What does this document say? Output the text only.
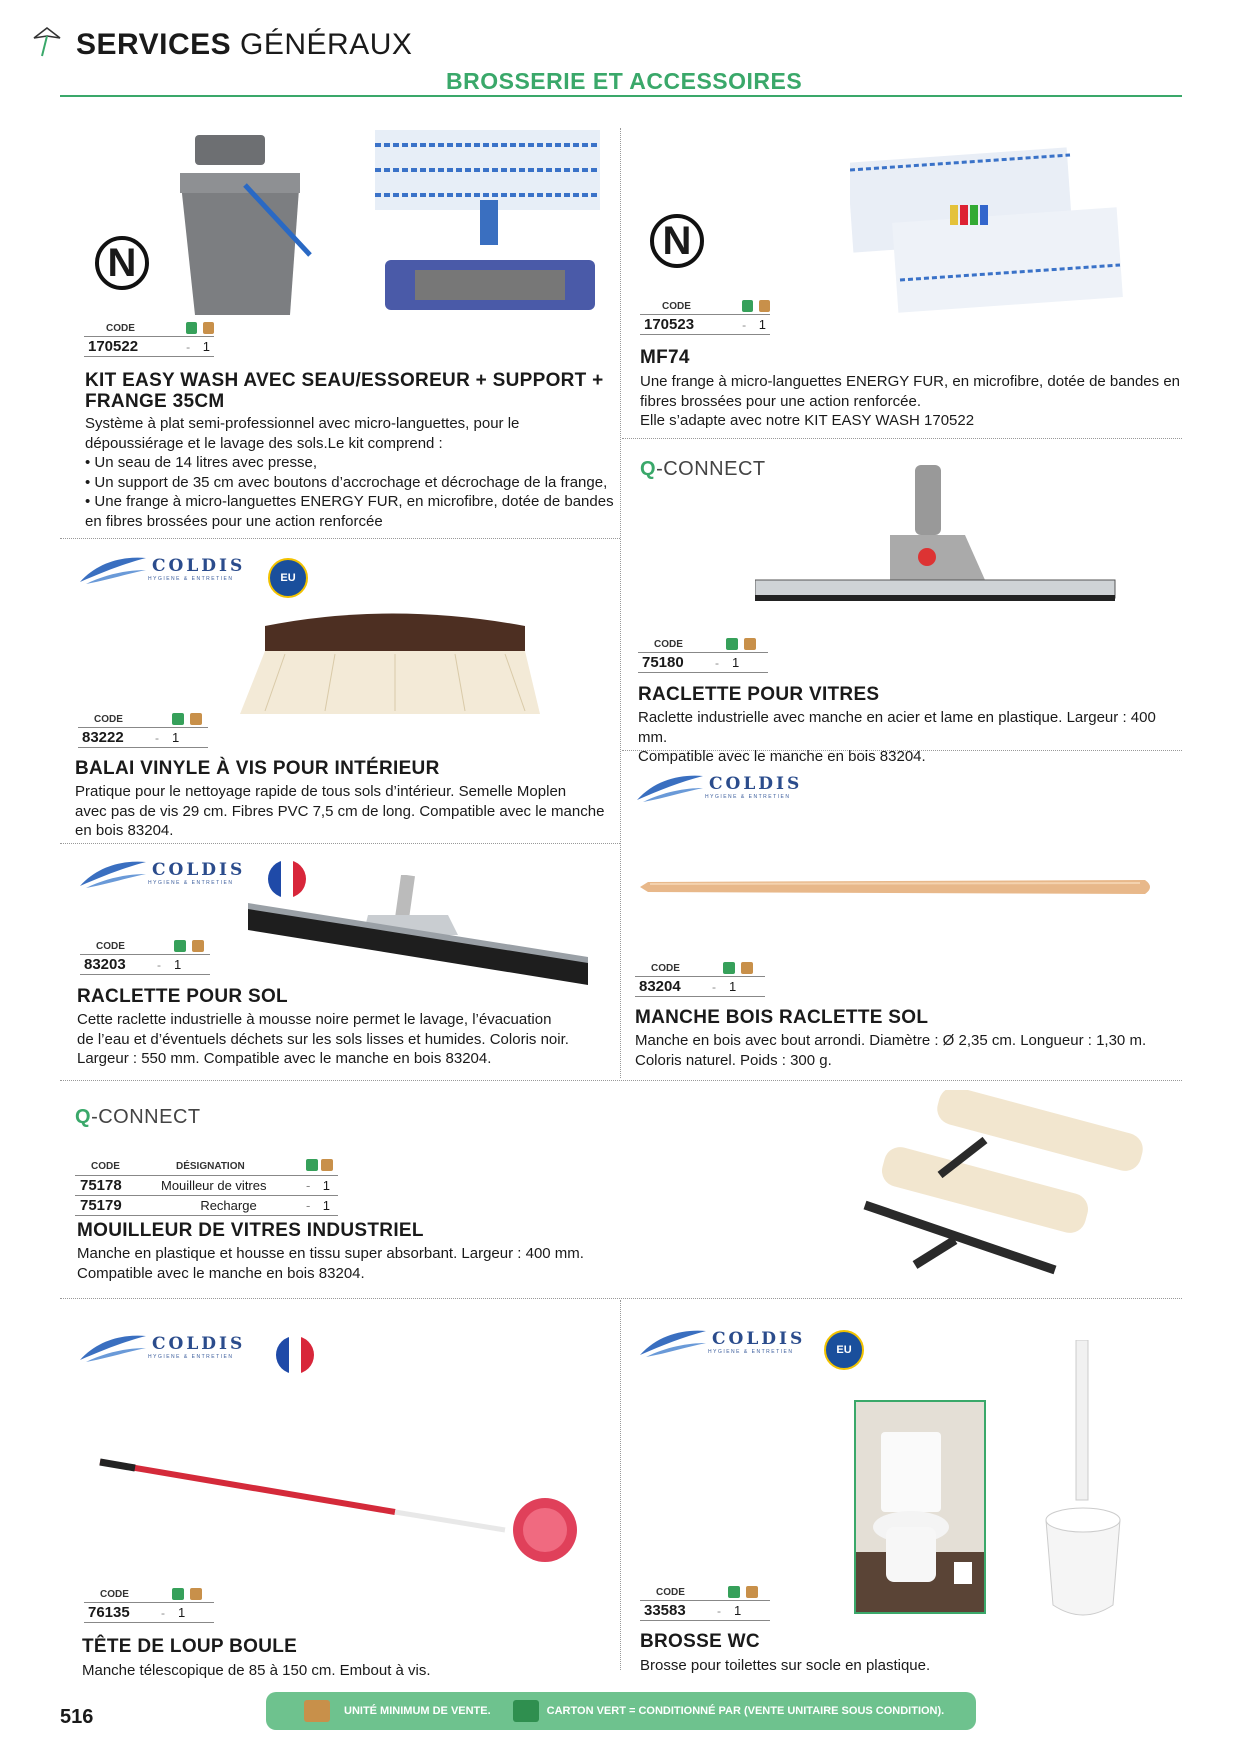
SERVICES GÉNÉRAUX
BROSSERIE ET ACCESSOIRES
N
CODE
170522	- 1
KIT EASY WASH AVEC SEAU/ESSOREUR + SUPPORT + FRANGE 35CM
Système à plat semi-professionnel avec micro-languettes, pour le
dépoussiérage et le lavage des sols.Le kit comprend :
• Un seau de 14 litres avec presse,
• Un support de 35 cm avec boutons d’accrochage et décrochage de la frange,
• Une frange à micro-languettes ENERGY FUR, en microfibre, dotée de bandes
en fibres brossées pour une action renforcée
N
CODE
170523	- 1
MF74
Une frange à micro-languettes ENERGY FUR, en microfibre, dotée de bandes en
fibres brossées pour une action renforcée.
Elle s’adapte avec notre KIT EASY WASH 170522
COLDIS
HYGIENE & ENTRETIEN	EU
CODE
83222	-	1
BALAI VINYLE À VIS POUR INTÉRIEUR
Pratique pour le nettoyage rapide de tous sols d’intérieur. Semelle Moplen
avec pas de vis 29 cm. Fibres PVC 7,5 cm de long. Compatible avec le manche
en bois 83204.
Q-CONNECT
CODE
75180	-	1
RACLETTE POUR VITRES
Raclette industrielle avec manche en acier et lame en plastique. Largeur : 400 mm.
Compatible avec le manche en bois 83204.
COLDIS
HYGIENE & ENTRETIEN
CODE
83203	-	1
RACLETTE POUR SOL
Cette raclette industrielle à mousse noire permet le lavage, l’évacuation
de l’eau et d’éventuels déchets sur les sols lisses et humides. Coloris noir.
Largeur : 550 mm. Compatible avec le manche en bois 83204.
COLDIS
HYGIENE & ENTRETIEN
CODE
83204	-	1
MANCHE BOIS RACLETTE SOL
Manche en bois avec bout arrondi. Diamètre : Ø 2,35 cm. Longueur : 1,30 m.
Coloris naturel. Poids : 300 g.
Q-CONNECT
CODE	DÉSIGNATION		
75178	Mouilleur de vitres	-	1
75179	Recharge	-	1
MOUILLEUR DE VITRES INDUSTRIEL
Manche en plastique et housse en tissu super absorbant. Largeur : 400 mm.
Compatible avec le manche en bois 83204.
COLDIS
HYGIENE & ENTRETIEN
CODE
76135	-	1
TÊTE DE LOUP BOULE
Manche télescopique de 85 à 150 cm. Embout à vis.
COLDIS
HYGIENE & ENTRETIEN	EU
CODE
33583	-	1
BROSSE WC
Brosse pour toilettes sur socle en plastique.
516	UNITÉ MINIMUM DE VENTE.	CARTON VERT = CONDITIONNÉ PAR (VENTE UNITAIRE SOUS CONDITION).
